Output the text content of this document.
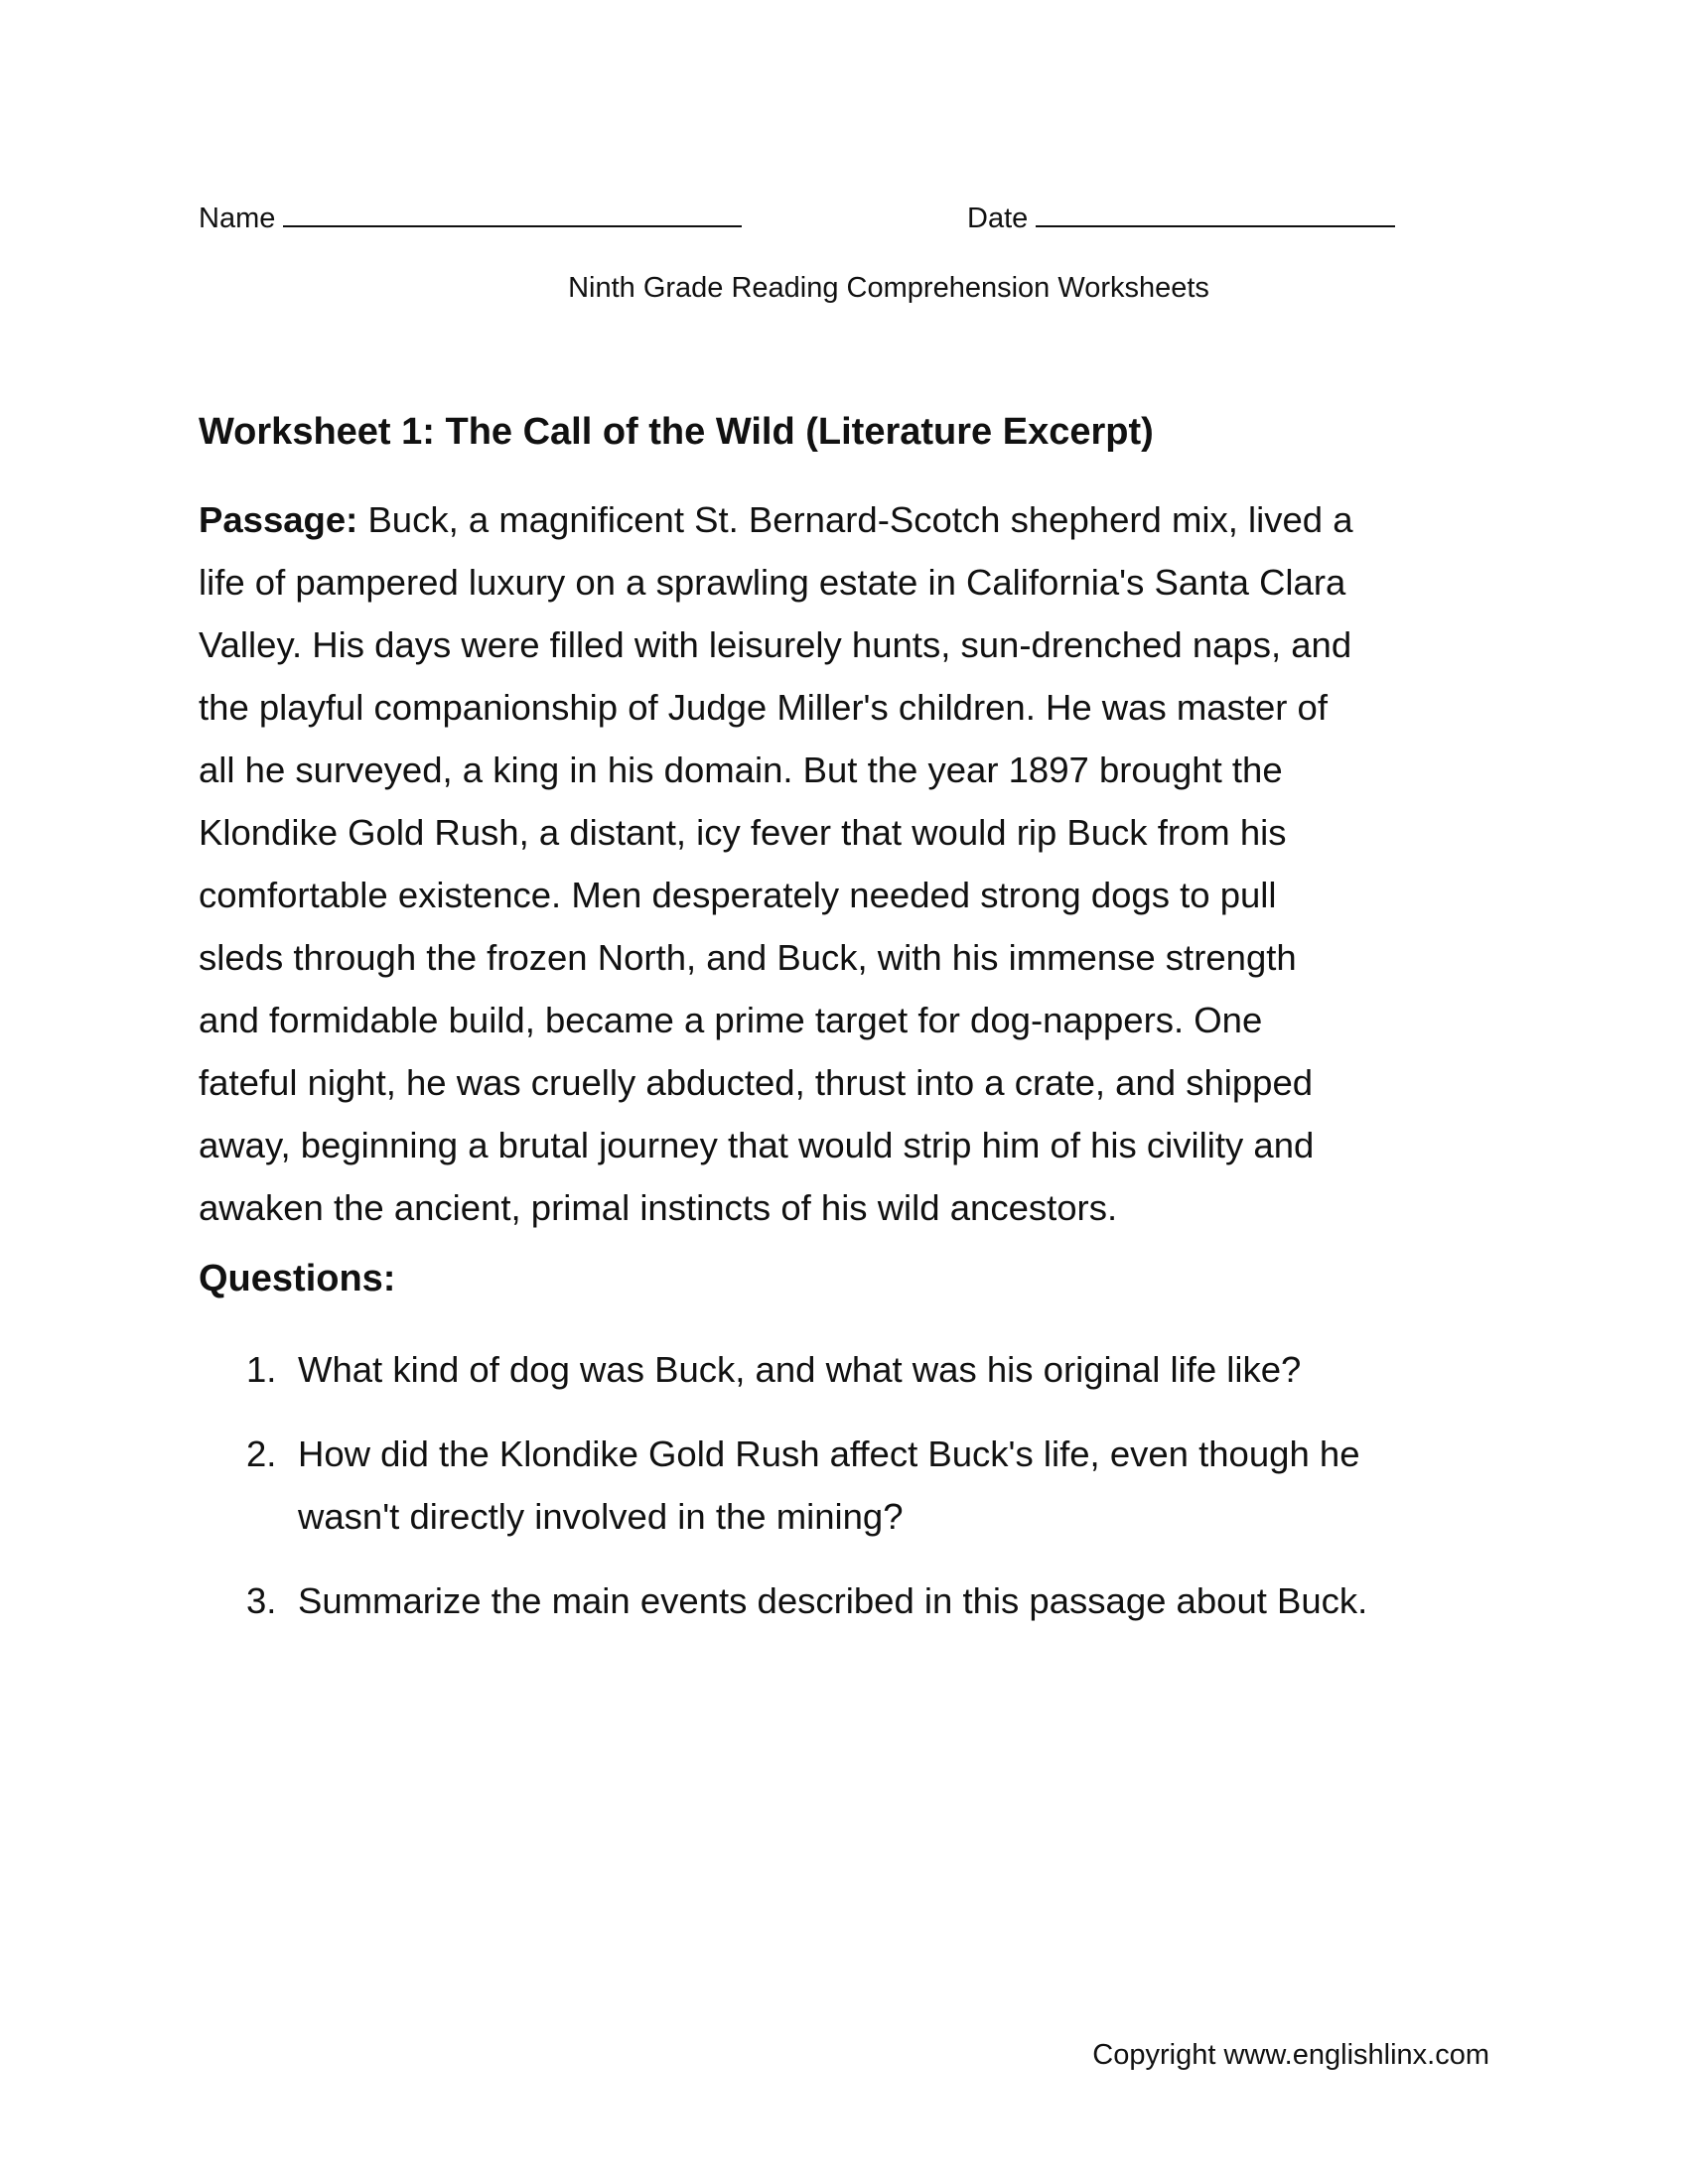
Name	Date
Ninth Grade Reading Comprehension Worksheets
Worksheet 1: The Call of the Wild (Literature Excerpt)
Passage: Buck, a magnificent St. Bernard-Scotch shepherd mix, lived a
life of pampered luxury on a sprawling estate in California's Santa Clara
Valley. His days were filled with leisurely hunts, sun-drenched naps, and
the playful companionship of Judge Miller's children. He was master of
all he surveyed, a king in his domain. But the year 1897 brought the
Klondike Gold Rush, a distant, icy fever that would rip Buck from his
comfortable existence. Men desperately needed strong dogs to pull
sleds through the frozen North, and Buck, with his immense strength
and formidable build, became a prime target for dog-nappers. One
fateful night, he was cruelly abducted, thrust into a crate, and shipped
away, beginning a brutal journey that would strip him of his civility and
awaken the ancient, primal instincts of his wild ancestors.
Questions:
1. What kind of dog was Buck, and what was his original life like?
2. How did the Klondike Gold Rush affect Buck's life, even though he
wasn't directly involved in the mining?
3. Summarize the main events described in this passage about Buck.
Copyright www.englishlinx.com
